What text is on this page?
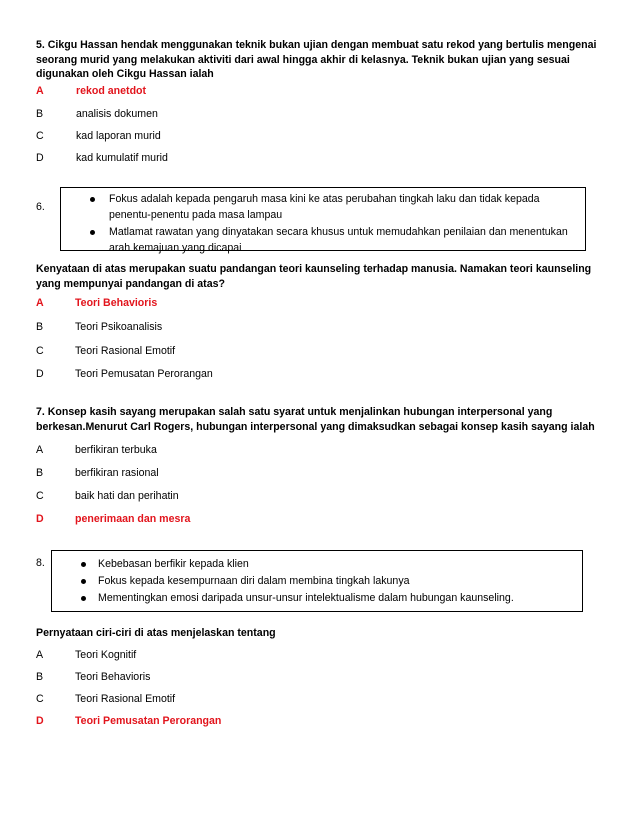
5. Cikgu Hassan hendak menggunakan teknik bukan ujian dengan membuat satu rekod yang bertulis mengenai seorang murid yang melakukan aktiviti dari awal hingga akhir di kelasnya. Teknik bukan ujian yang sesuai digunakan oleh Cikgu Hassan ialah

A	rekod anetdot
B	analisis dokumen
C	kad laporan murid
D	kad kumulatif murid
6.
Fokus adalah kepada pengaruh masa kini ke atas perubahan tingkah laku dan tidak kepada penentu-penentu pada masa lampau
Matlamat rawatan yang dinyatakan secara khusus untuk memudahkan penilaian dan menentukan arah kemajuan yang dicapai

Kenyataan di atas merupakan suatu pandangan teori kaunseling terhadap manusia. Namakan teori kaunseling yang mempunyai pandangan di atas?

A	Teori Behavioris
B	Teori Psikoanalisis
C	Teori Rasional Emotif
D	Teori Pemusatan Perorangan

7. Konsep kasih sayang merupakan salah satu syarat untuk menjalinkan hubungan interpersonal yang berkesan.Menurut Carl Rogers, hubungan interpersonal yang dimaksudkan sebagai konsep kasih sayang ialah

A	berfikiran terbuka
B	berfikiran rasional
C	baik hati dan perihatin
D	penerimaan dan mesra
8.	Kebebasan berfikir kepada klien
Fokus kepada kesempurnaan diri dalam membina tingkah lakunya
Mementingkan emosi daripada unsur-unsur intelektualisme dalam hubungan kaunseling.

Pernyataan ciri-ciri di atas menjelaskan tentang

A	Teori Kognitif
B	Teori Behavioris
C	Teori Rasional Emotif
D	Teori Pemusatan Perorangan
